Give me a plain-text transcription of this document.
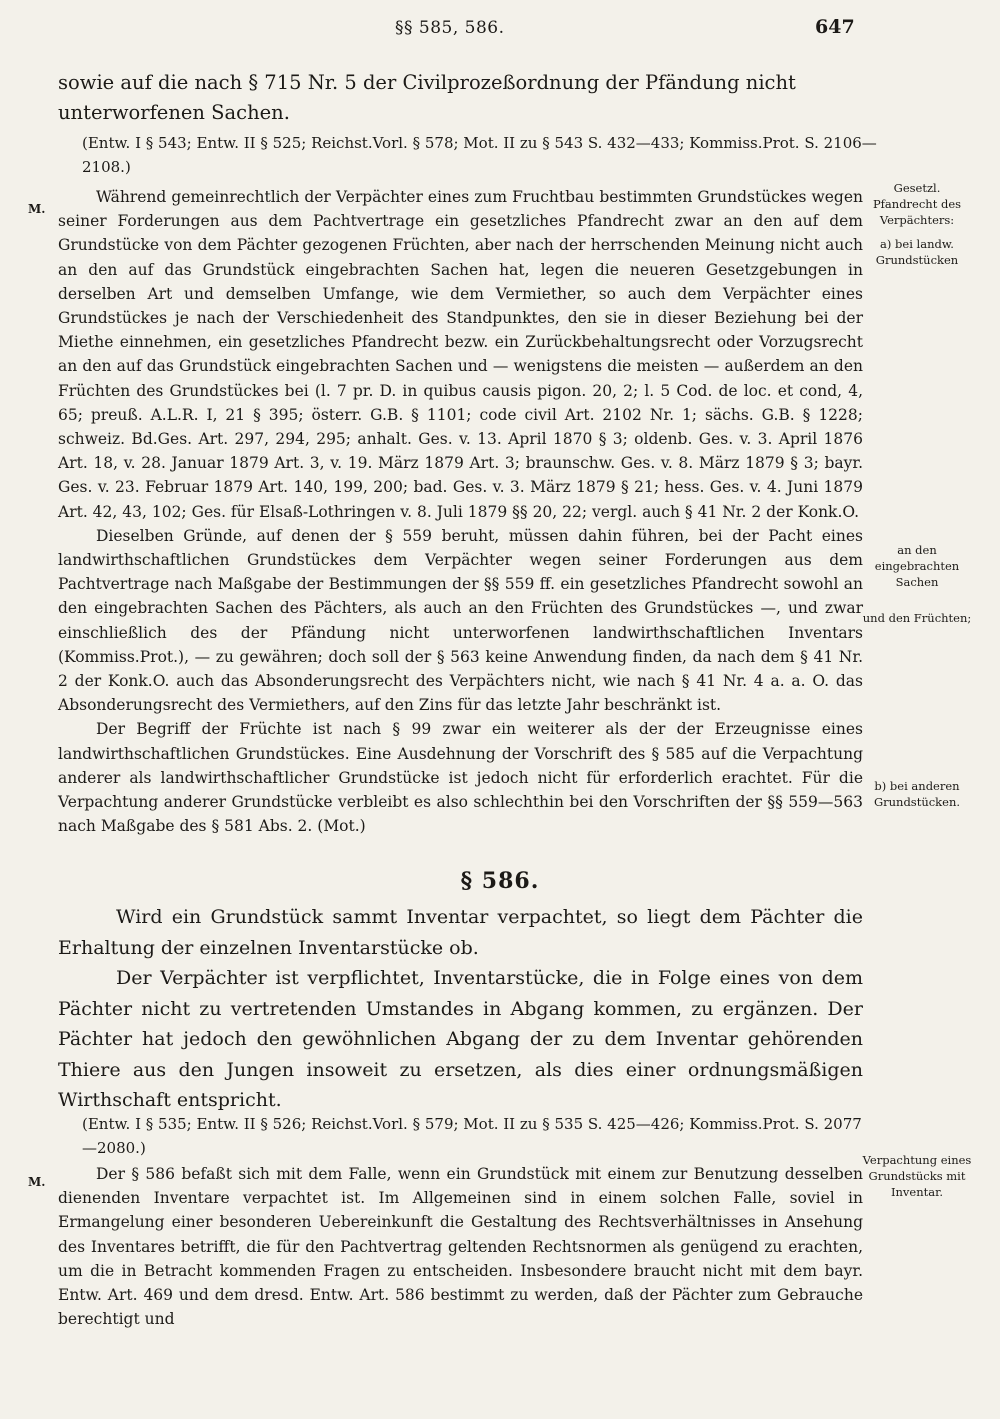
§§ 585, 586.	647
sowie auf die nach § 715 Nr. 5 der Civilprozeßordnung der Pfändung nicht unterworfenen Sachen.
(Entw. I § 543; Entw. II § 525; Reichst.Vorl. § 578; Mot. II zu § 543 S. 432—433; Kommiss.Prot. S. 2106—2108.)
M.

Während gemeinrechtlich der Verpächter eines zum Fruchtbau bestimmten Grundstückes wegen seiner Forderungen aus dem Pachtvertrage ein gesetzliches Pfandrecht zwar an den auf dem Grundstücke von dem Pächter gezogenen Früchten, aber nach der herrschenden Meinung nicht auch an den auf das Grundstück eingebrachten Sachen hat, legen die neueren Gesetzgebungen in derselben Art und demselben Umfange, wie dem Vermiether, so auch dem Verpächter eines Grundstückes je nach der Verschiedenheit des Standpunktes, den sie in dieser Beziehung bei der Miethe einnehmen, ein gesetzliches Pfandrecht bezw. ein Zurückbehaltungsrecht oder Vorzugsrecht an den auf das Grundstück eingebrachten Sachen und — wenigstens die meisten — außerdem an den Früchten des Grundstückes bei (l. 7 pr. D. in quibus causis pigon. 20, 2; l. 5 Cod. de loc. et cond, 4, 65; preuß. A.L.R. I, 21 § 395; österr. G.B. § 1101; code civil Art. 2102 Nr. 1; sächs. G.B. § 1228; schweiz. Bd.Ges. Art. 297, 294, 295; anhalt. Ges. v. 13. April 1870 § 3; oldenb. Ges. v. 3. April 1876 Art. 18, v. 28. Januar 1879 Art. 3, v. 19. März 1879 Art. 3; braunschw. Ges. v. 8. März 1879 § 3; bayr. Ges. v. 23. Februar 1879 Art. 140, 199, 200; bad. Ges. v. 3. März 1879 § 21; hess. Ges. v. 4. Juni 1879 Art. 42, 43, 102; Ges. für Elsaß-Lothringen v. 8. Juli 1879 §§ 20, 22; vergl. auch § 41 Nr. 2 der Konk.O.

Dieselben Gründe, auf denen der § 559 beruht, müssen dahin führen, bei der Pacht eines landwirthschaftlichen Grundstückes dem Verpächter wegen seiner Forderungen aus dem Pachtvertrage nach Maßgabe der Bestimmungen der §§ 559 ff. ein gesetzliches Pfandrecht sowohl an den eingebrachten Sachen des Pächters, als auch an den Früchten des Grundstückes —, und zwar einschließlich des der Pfändung nicht unterworfenen landwirthschaftlichen Inventars (Kommiss.Prot.), — zu gewähren; doch soll der § 563 keine Anwendung finden, da nach dem § 41 Nr. 2 der Konk.O. auch das Absonderungsrecht des Verpächters nicht, wie nach § 41 Nr. 4 a. a. O. das Absonderungsrecht des Vermiethers, auf den Zins für das letzte Jahr beschränkt ist.

Der Begriff der Früchte ist nach § 99 zwar ein weiterer als der der Erzeugnisse eines landwirthschaftlichen Grundstückes. Eine Ausdehnung der Vorschrift des § 585 auf die Verpachtung anderer als landwirthschaftlicher Grundstücke ist jedoch nicht für erforderlich erachtet. Für die Verpachtung anderer Grundstücke verbleibt es also schlechthin bei den Vorschriften der §§ 559—563 nach Maßgabe des § 581 Abs. 2. (Mot.)

Gesetzl. Pfandrecht des Verpächters:
a) bei landw. Grundstücken
an den eingebrachten Sachen
und den Früchten;
b) bei anderen Grundstücken.
Verpachtung eines Grundstücks mit Inventar.
§ 586.

Wird ein Grundstück sammt Inventar verpachtet, so liegt dem Pächter die Erhaltung der einzelnen Inventarstücke ob.

Der Verpächter ist verpflichtet, Inventarstücke, die in Folge eines von dem Pächter nicht zu vertretenden Umstandes in Abgang kommen, zu ergänzen. Der Pächter hat jedoch den gewöhnlichen Abgang der zu dem Inventar gehörenden Thiere aus den Jungen insoweit zu ersetzen, als dies einer ordnungsmäßigen Wirthschaft entspricht.

(Entw. I § 535; Entw. II § 526; Reichst.Vorl. § 579; Mot. II zu § 535 S. 425—426; Kommiss.Prot. S. 2077—2080.)
M.	Der § 586 befaßt sich mit dem Falle, wenn ein Grundstück mit einem zur Benutzung desselben dienenden Inventare verpachtet ist. Im Allgemeinen sind in einem solchen Falle, soviel in Ermangelung einer besonderen Uebereinkunft die Gestaltung des Rechtsverhältnisses in Ansehung des Inventares betrifft, die für den Pachtvertrag geltenden Rechtsnormen als genügend zu erachten, um die in Betracht kommenden Fragen zu entscheiden. Insbesondere braucht nicht mit dem bayr. Entw. Art. 469 und dem dresd. Entw. Art. 586 bestimmt zu werden, daß der Pächter zum Gebrauche berechtigt und
